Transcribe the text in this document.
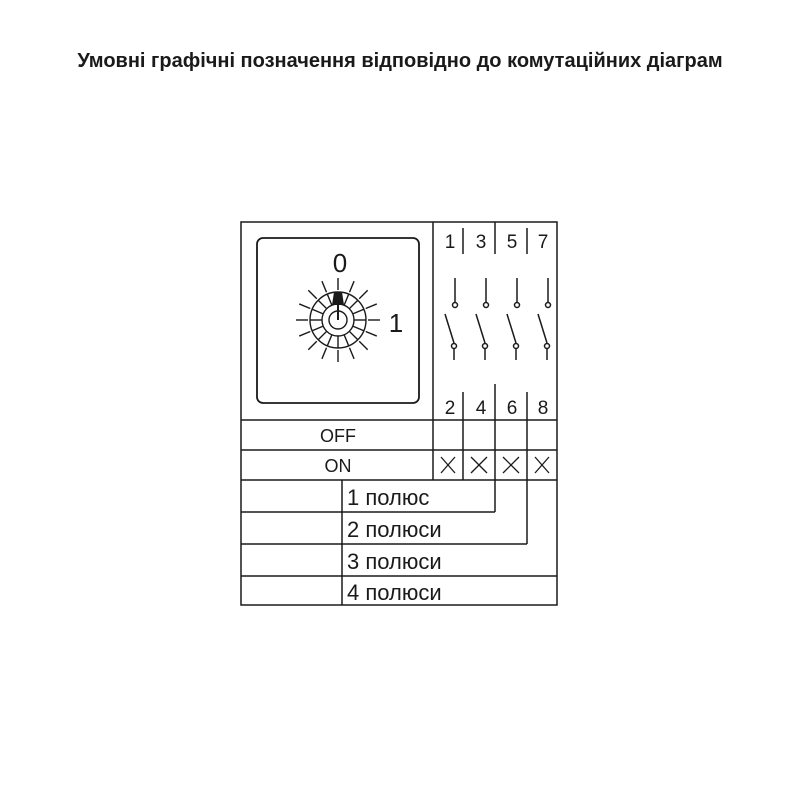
Умовні графічні позначення відповідно до комутаційних діаграм
0
1
1 3 5 7
2 4 6 8
OFF
ON
1 полюс
2 полюси
3 полюси
4 полюси
